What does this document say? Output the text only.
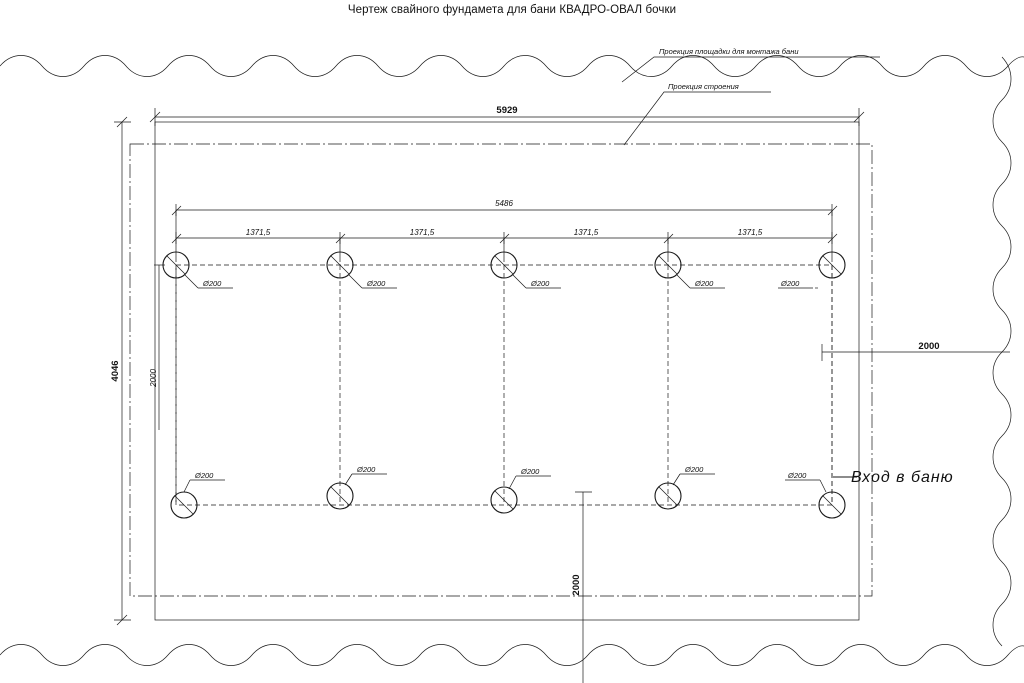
Чертеж свайного фундамета для бани КВАДРО-ОВАЛ бочки
Проекция площадки для монтажа бани
Проекция строения
5929
5486
1371,5	1371,5	1371,5	1371,5
4046	2000
2000
2000
Ø200	Ø200	Ø200	Ø200	Ø200
Ø200
Ø200	Ø200	Ø200
Ø200	Вход в баню
